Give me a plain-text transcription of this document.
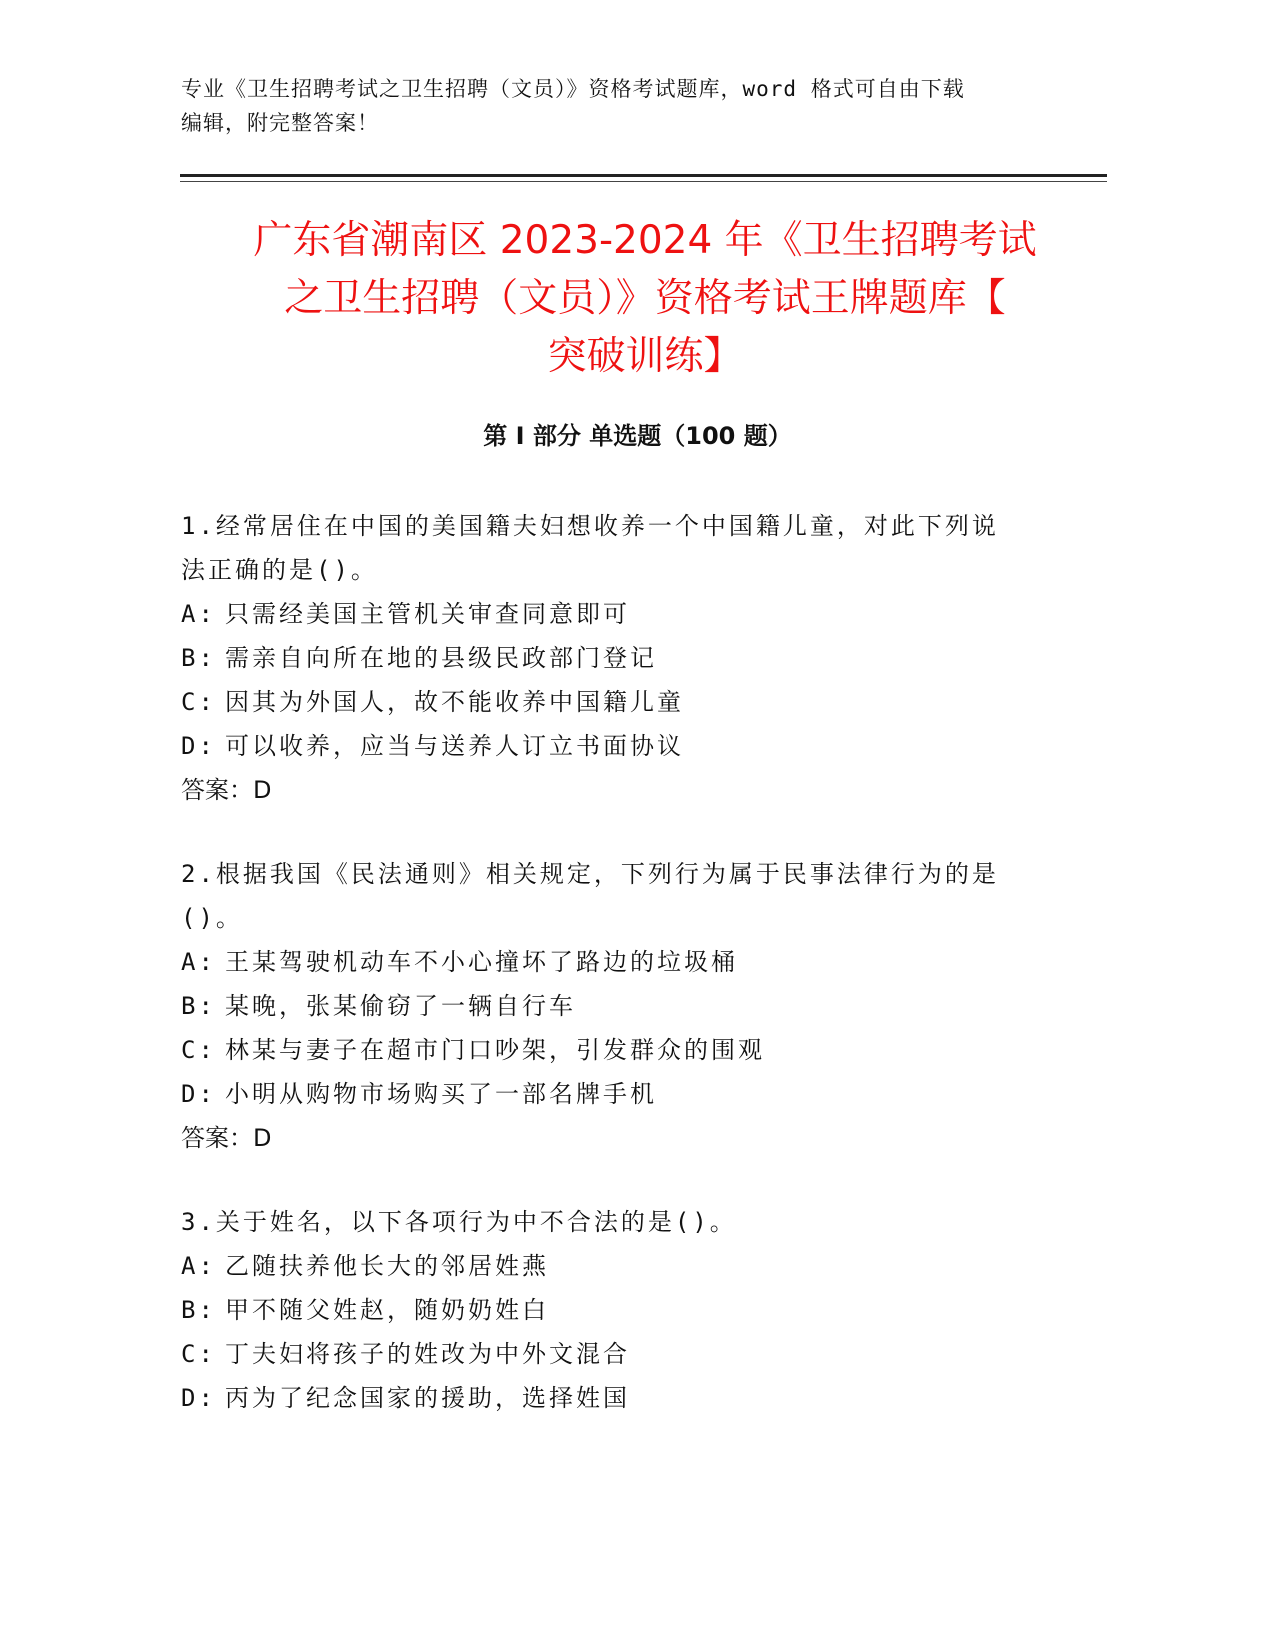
专业《卫生招聘考试之卫生招聘（文员）》资格考试题库，word 格式可自由下载
编辑，附完整答案！
广东省潮南区 2023-2024 年《卫生招聘考试
之卫生招聘（文员）》资格考试王牌题库【
突破训练】
第 I 部分 单选题（100 题）

1.经常居住在中国的美国籍夫妇想收养一个中国籍儿童，对此下列说

法正确的是()。

A: 只需经美国主管机关审查同意即可
B: 需亲自向所在地的县级民政部门登记
C: 因其为外国人，故不能收养中国籍儿童
D: 可以收养，应当与送养人订立书面协议

答案：D

2.根据我国《民法通则》相关规定，下列行为属于民事法律行为的是

()。

A: 王某驾驶机动车不小心撞坏了路边的垃圾桶
B: 某晚，张某偷窃了一辆自行车
C: 林某与妻子在超市门口吵架，引发群众的围观
D: 小明从购物市场购买了一部名牌手机

答案：D

3.关于姓名，以下各项行为中不合法的是()。

A: 乙随扶养他长大的邻居姓燕
B: 甲不随父姓赵，随奶奶姓白
C: 丁夫妇将孩子的姓改为中外文混合
D: 丙为了纪念国家的援助，选择姓国
